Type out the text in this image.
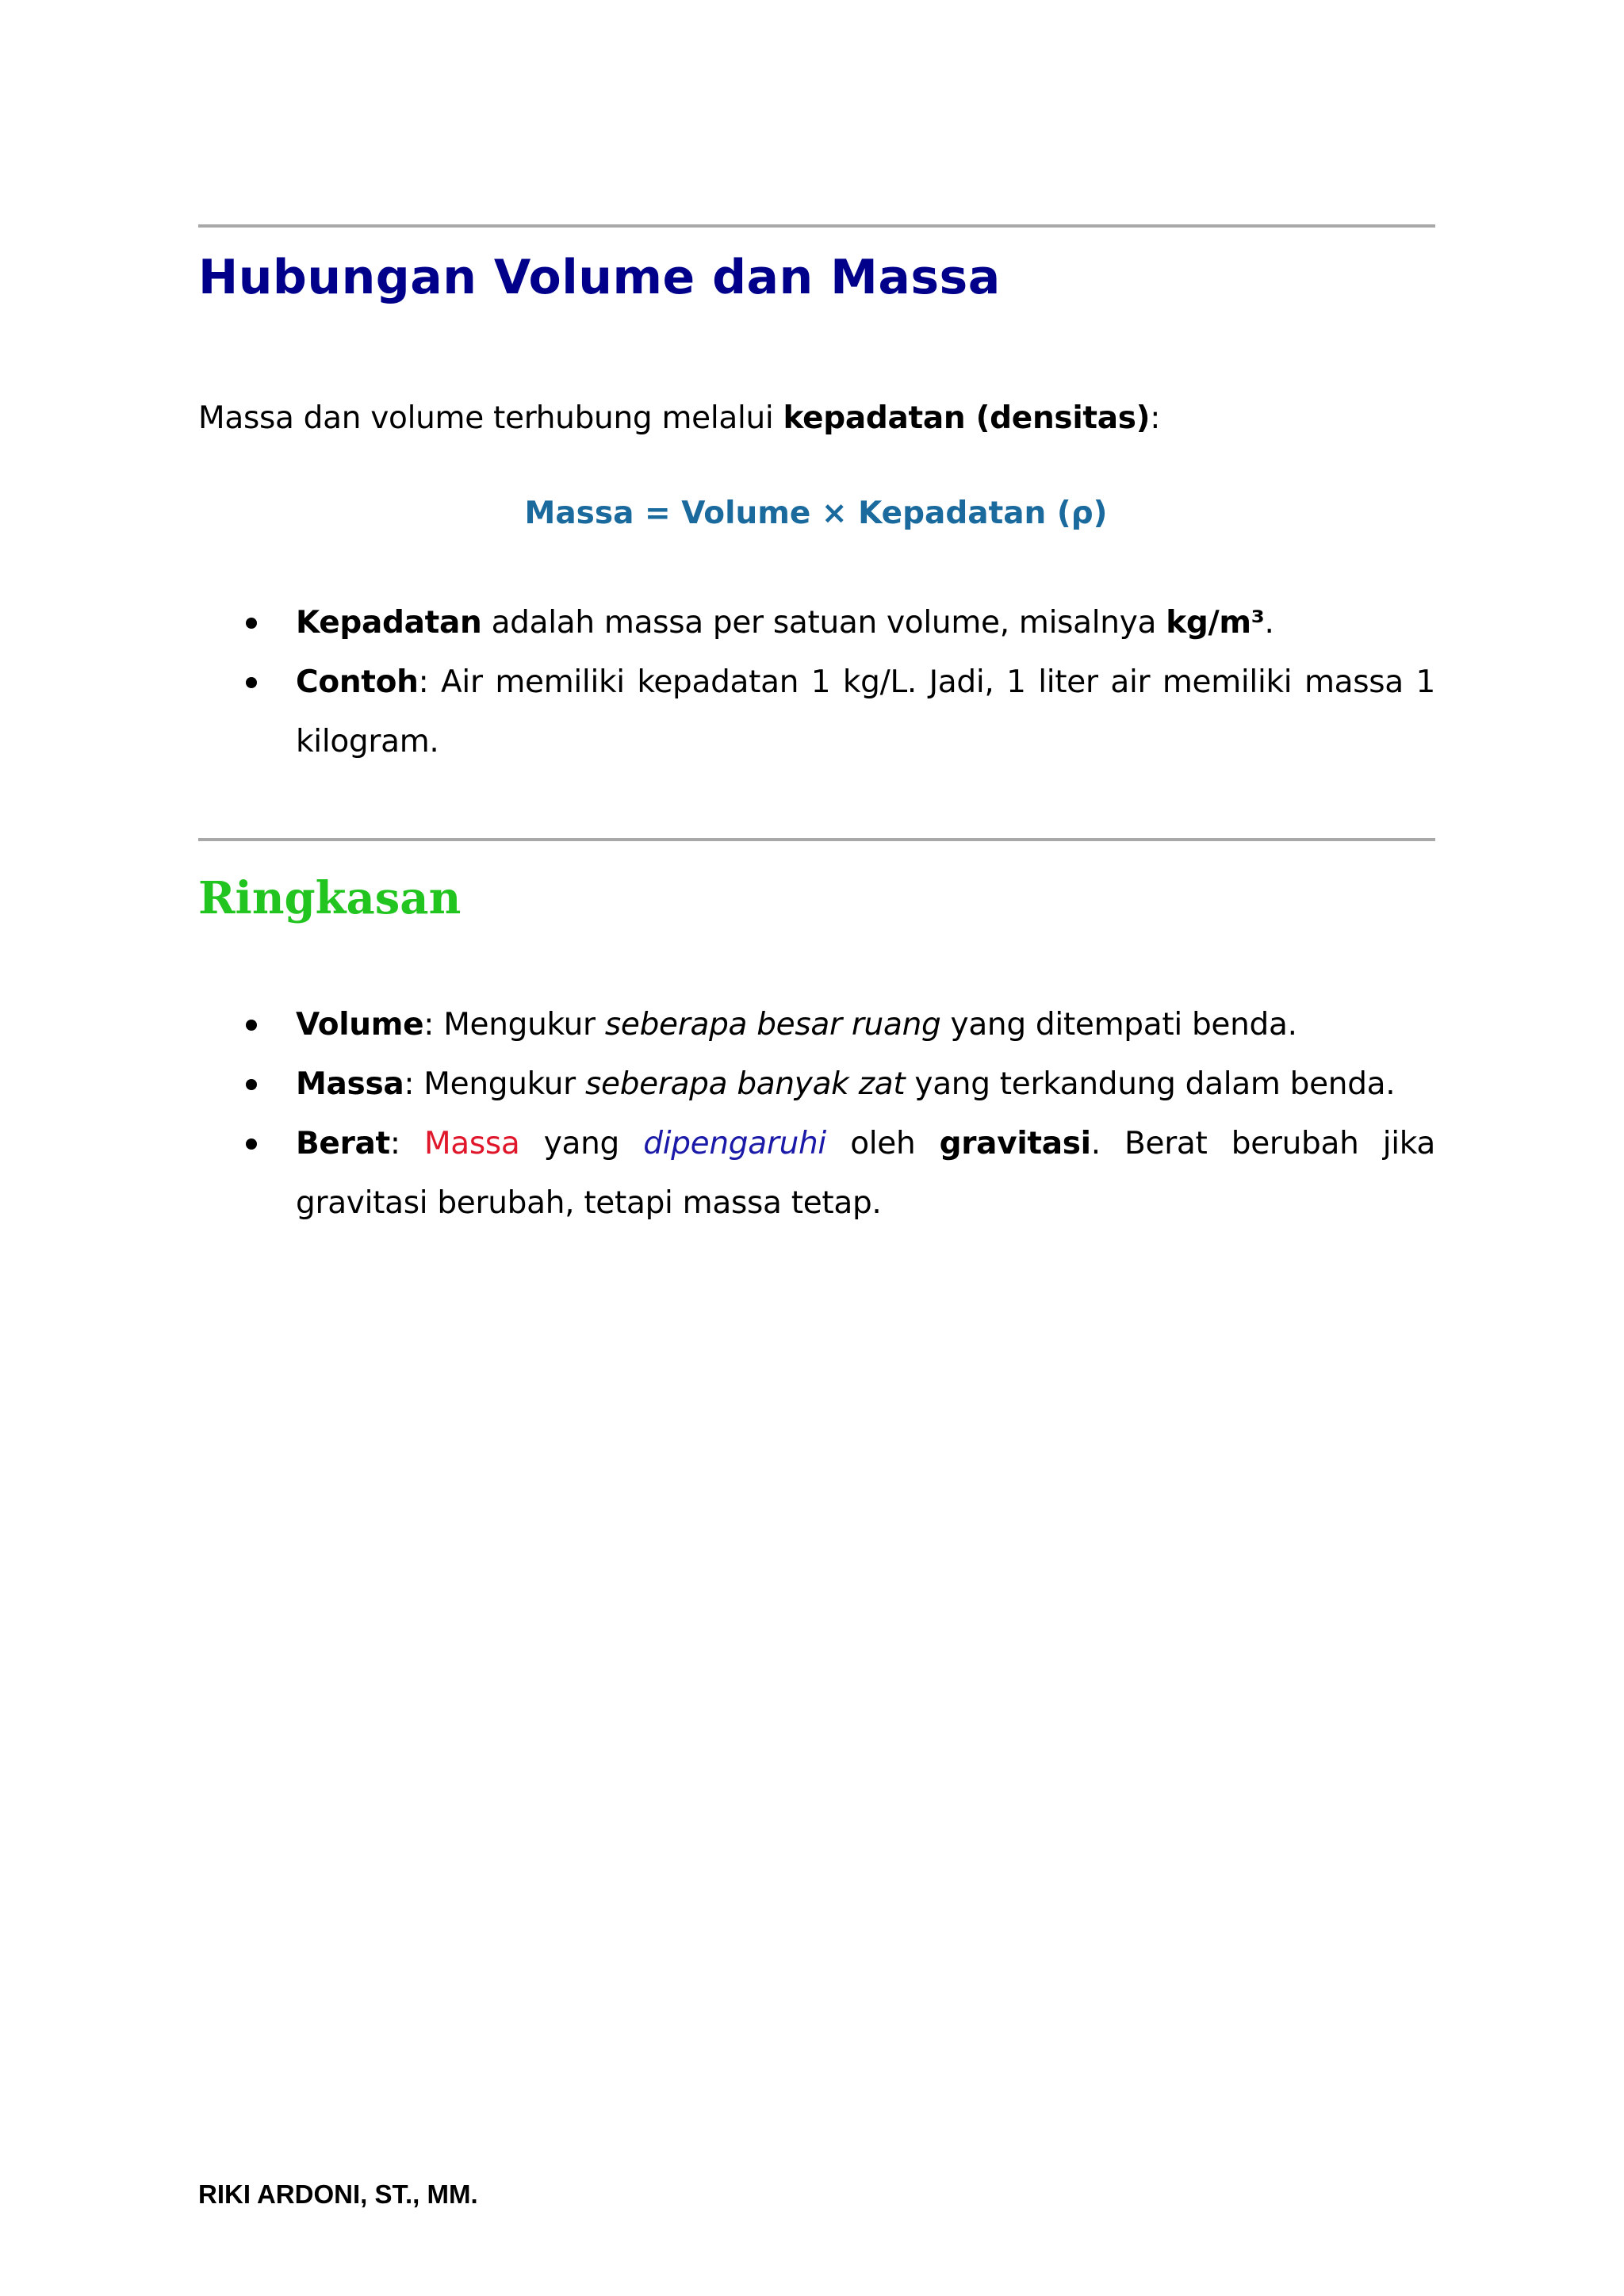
Hubungan Volume dan Massa

Massa dan volume terhubung melalui kepadatan (densitas):

Massa = Volume × Kepadatan (ρ)

Kepadatan adalah massa per satuan volume, misalnya kg/m³.
Contoh: Air memiliki kepadatan 1 kg/L. Jadi, 1 liter air memiliki massa 1 kilogram.
Ringkasan
Volume: Mengukur seberapa besar ruang yang ditempati benda.
Massa: Mengukur seberapa banyak zat yang terkandung dalam benda.
Berat: Massa yang dipengaruhi oleh gravitasi. Berat berubah jika gravitasi berubah, tetapi massa tetap.

RIKI ARDONI, ST., MM.
